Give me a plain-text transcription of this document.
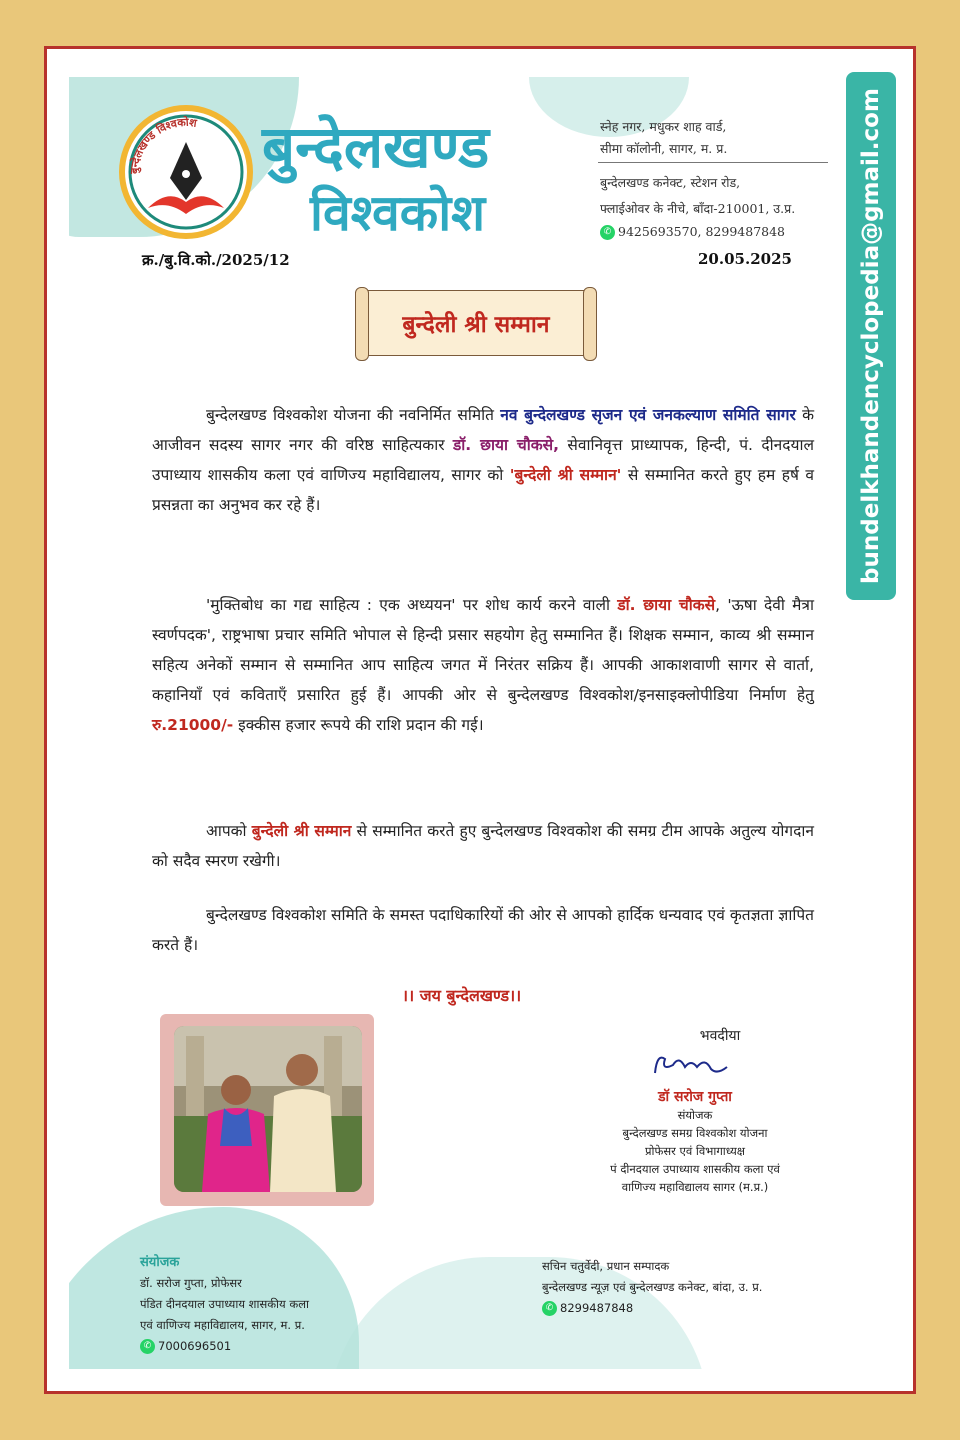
bundelkhandencyclopedia@gmail.com
बुन्देलखण्ड विश्वकोश बुन्देलखण्ड
विश्वकोश
स्नेह नगर, मधुकर शाह वार्ड,
सीमा कॉलोनी, सागर, म. प्र.
बुन्देलखण्ड कनेक्ट, स्टेशन रोड,
फ्लाईओवर के नीचे, बाँदा-210001, उ.प्र.
✆ 9425693570, 8299487848
क्र./बु.वि.को./2025/12	20.05.2025
बुन्देली श्री सम्मान
बुन्देलखण्ड विश्वकोश योजना की नवनिर्मित समिति नव बुन्देलखण्ड सृजन एवं जनकल्याण समिति सागर के आजीवन सदस्य सागर नगर की वरिष्ठ साहित्यकार डॉ. छाया चौकसे, सेवानिवृत्त प्राध्यापक, हिन्दी, पं. दीनदयाल उपाध्याय शासकीय कला एवं वाणिज्य महाविद्यालय, सागर को 'बुन्देली श्री सम्मान' से सम्मानित करते हुए हम हर्ष व प्रसन्नता का अनुभव कर रहे हैं।
'मुक्तिबोध का गद्य साहित्य : एक अध्ययन' पर शोध कार्य करने वाली डॉ. छाया चौकसे, 'ऊषा देवी मैत्रा स्वर्णपदक', राष्ट्रभाषा प्रचार समिति भोपाल से हिन्दी प्रसार सहयोग हेतु सम्मानित हैं। शिक्षक सम्मान, काव्य श्री सम्मान सहित्य अनेकों सम्मान से सम्मानित आप साहित्य जगत में निरंतर सक्रिय हैं। आपकी आकाशवाणी सागर से वार्ता, कहानियाँ एवं कविताएँ प्रसारित हुई हैं। आपकी ओर से बुन्देलखण्ड विश्वकोश/इनसाइक्लोपीडिया निर्माण हेतु रु.21000/- इक्कीस हजार रूपये की राशि प्रदान की गई।
आपको बुन्देली श्री सम्मान से सम्मानित करते हुए बुन्देलखण्ड विश्वकोश की समग्र टीम आपके अतुल्य योगदान को सदैव स्मरण रखेगी।
बुन्देलखण्ड विश्वकोश समिति के समस्त पदाधिकारियों की ओर से आपको हार्दिक धन्यवाद एवं कृतज्ञता ज्ञापित करते हैं।
।। जय बुन्देलखण्ड।।
भवदीया
डॉ सरोज गुप्ता
संयोजक
बुन्देलखण्ड समग्र विश्वकोश योजना
प्रोफेसर एवं विभागाध्यक्ष
पं दीनदयाल उपाध्याय शासकीय कला एवं
वाणिज्य महाविद्यालय सागर (म.प्र.)
संयोजक
डॉ. सरोज गुप्ता, प्रोफेसर
पंडित दीनदयाल उपाध्याय शासकीय कला
एवं वाणिज्य महाविद्यालय, सागर, म. प्र.
✆ 7000696501
सचिन चतुर्वेदी, प्रधान सम्पादक
बुन्देलखण्ड न्यूज़ एवं बुन्देलखण्ड कनेक्ट, बांदा, उ. प्र.
✆ 8299487848
